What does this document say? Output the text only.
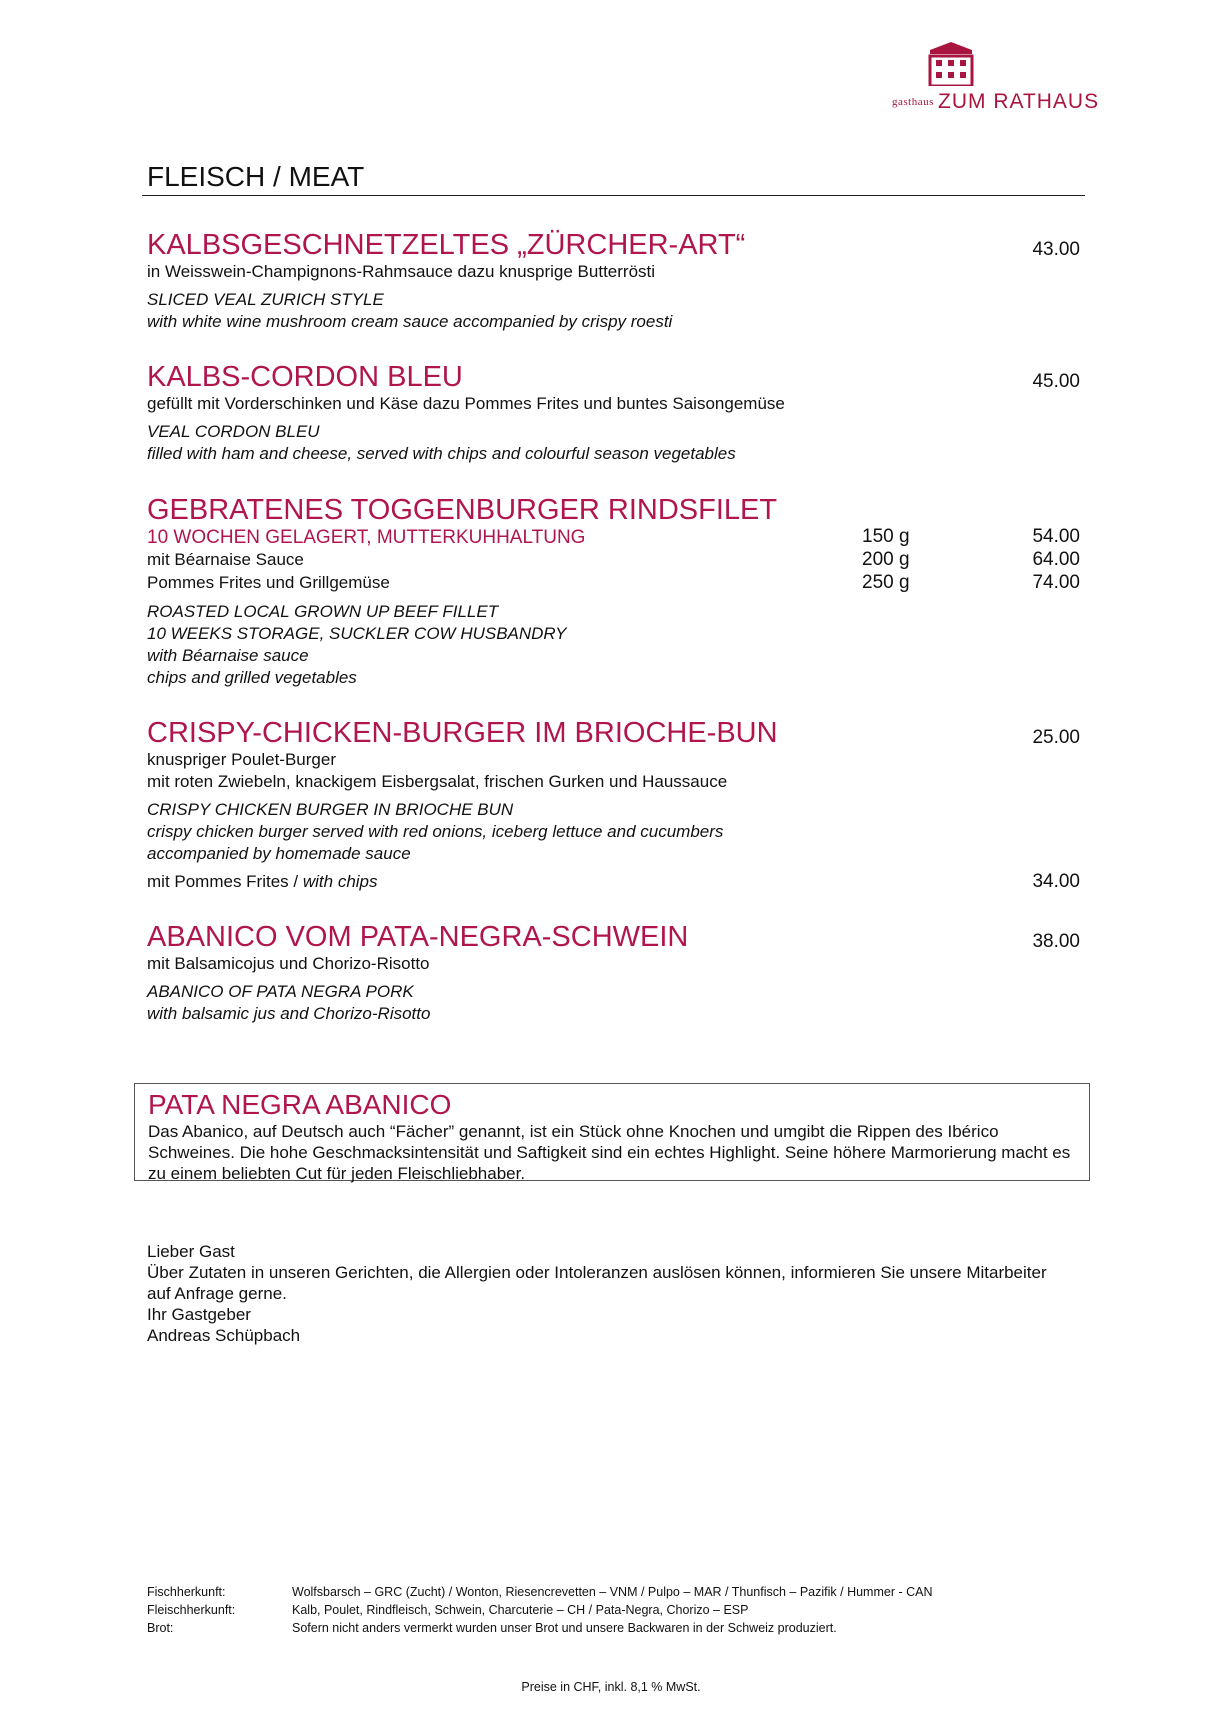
gasthaus ZUM RATHAUS
FLEISCH / MEAT
KALBSGESCHNETZELTES „ZÜRCHER-ART“	43.00
in Weisswein-Champignons-Rahmsauce dazu knusprige Butterrösti
SLICED VEAL ZURICH STYLE
with white wine mushroom cream sauce accompanied by crispy roesti
KALBS-CORDON BLEU	45.00
gefüllt mit Vorderschinken und Käse dazu Pommes Frites und buntes Saisongemüse
VEAL CORDON BLEU
filled with ham and cheese, served with chips and colourful season vegetables
GEBRATENES TOGGENBURGER RINDSFILET
10 WOCHEN GELAGERT, MUTTERKUHHALTUNG	150 g	54.00
mit Béarnaise Sauce	200 g	64.00
Pommes Frites und Grillgemüse	250 g	74.00
ROASTED LOCAL GROWN UP BEEF FILLET
10 WEEKS STORAGE, SUCKLER COW HUSBANDRY
with Béarnaise sauce
chips and grilled vegetables
CRISPY-CHICKEN-BURGER IM BRIOCHE-BUN	25.00
knuspriger Poulet-Burger
mit roten Zwiebeln, knackigem Eisbergsalat, frischen Gurken und Haussauce
CRISPY CHICKEN BURGER IN BRIOCHE BUN
crispy chicken burger served with red onions, iceberg lettuce and cucumbers
accompanied by homemade sauce
mit Pommes Frites / with chips	34.00
ABANICO VOM PATA-NEGRA-SCHWEIN	38.00
mit Balsamicojus und Chorizo-Risotto
ABANICO OF PATA NEGRA PORK
with balsamic jus and Chorizo-Risotto
PATA NEGRA ABANICO
Das Abanico, auf Deutsch auch “Fächer” genannt, ist ein Stück ohne Knochen und umgibt die Rippen des Ibérico Schweines. Die hohe Geschmacksintensität und Saftigkeit sind ein echtes Highlight. Seine höhere Marmorierung macht es zu einem beliebten Cut für jeden Fleischliebhaber.
Lieber Gast
Über Zutaten in unseren Gerichten, die Allergien oder Intoleranzen auslösen können, informieren Sie unsere Mitarbeiter auf Anfrage gerne.
Ihr Gastgeber
Andreas Schüpbach
Fischherkunft:	Wolfsbarsch – GRC (Zucht) / Wonton, Riesencrevetten – VNM / Pulpo – MAR / Thunfisch – Pazifik / Hummer - CAN
Fleischherkunft:	Kalb, Poulet, Rindfleisch, Schwein, Charcuterie – CH / Pata-Negra, Chorizo – ESP
Brot:	Sofern nicht anders vermerkt wurden unser Brot und unsere Backwaren in der Schweiz produziert.
Preise in CHF, inkl. 8,1 % MwSt.
